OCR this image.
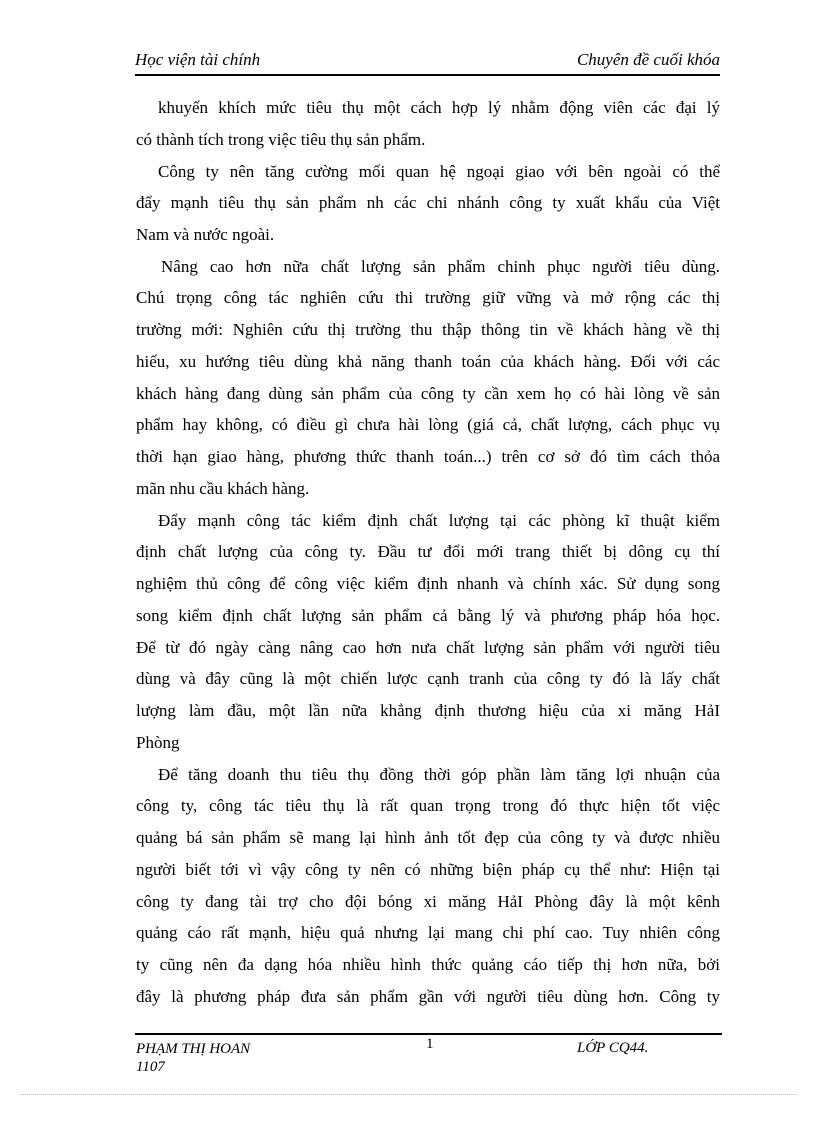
Học viện tài chính	Chuyên đề cuối khóa
khuyến khích mức tiêu thụ một cách hợp lý nhằm động viên các đại lý
có thành tích trong việc tiêu thụ sản phẩm.
Công ty nên tăng cường mối quan hệ ngoại giao với bên ngoài có thể
đẩy mạnh tiêu thụ sản phẩm nh các chi nhánh công ty xuất khẩu của Việt
Nam và nước ngoài.
Nâng cao hơn nữa chất lượng sản phẩm chinh phục người tiêu dùng.
Chú trọng công tác nghiên cứu thi trường giữ vững và mở rộng các thị
trường mới: Nghiên cứu thị trường thu thập thông tin về khách hàng về thị
hiếu, xu hướng tiêu dùng khả năng thanh toán của khách hàng. Đối với các
khách hàng đang dùng sản phẩm của công ty cần xem họ có hài lòng về sản
phẩm hay không, có điều gì chưa hài lòng (giá cả, chất lượng, cách phục vụ
thời hạn giao hàng, phương thức thanh toán...) trên cơ sở đó tìm cách thỏa
mãn nhu cầu khách hàng.
Đẩy mạnh công tác kiểm định chất lượng tại các phòng kĩ thuật kiểm
định chất lượng của công ty. Đầu tư đổi mới trang thiết bị dông cụ thí
nghiệm thủ công để công việc kiểm định nhanh và chính xác. Sử dụng song
song kiểm định chất lượng sản phẩm cả bằng lý và phương pháp hóa học.
Để từ đó ngày càng nâng cao hơn nưa chất lượng sản phẩm với người tiêu
dùng và đây cũng là một chiến lược cạnh tranh của công ty đó là lấy chất
lượng làm đầu, một lần nữa khẳng định thương hiệu của xi măng HảI
Phòng
Để tăng doanh thu tiêu thụ đồng thời góp phần làm tăng lợi nhuận của
công ty, công tác tiêu thụ là rất quan trọng trong đó thực hiện tốt việc
quảng bá sản phẩm sẽ mang lại hình ảnh tốt đẹp của công ty và được nhiều
người biết tới vì vậy công ty nên có những biện pháp cụ thể như: Hiện tại
công ty đang tài trợ cho đội bóng xi măng HảI Phòng đây là một kênh
quảng cáo rất mạnh, hiệu quả nhưng lại mang chi phí cao. Tuy nhiên công
ty cũng nên đa dạng hóa nhiều hình thức quảng cáo tiếp thị hơn nữa, bởi
đây là phương pháp đưa sản phẩm gần với người tiêu dùng hơn. Công ty
PHẠM THỊ HOAN
1107
1	LỚP CQ44.
